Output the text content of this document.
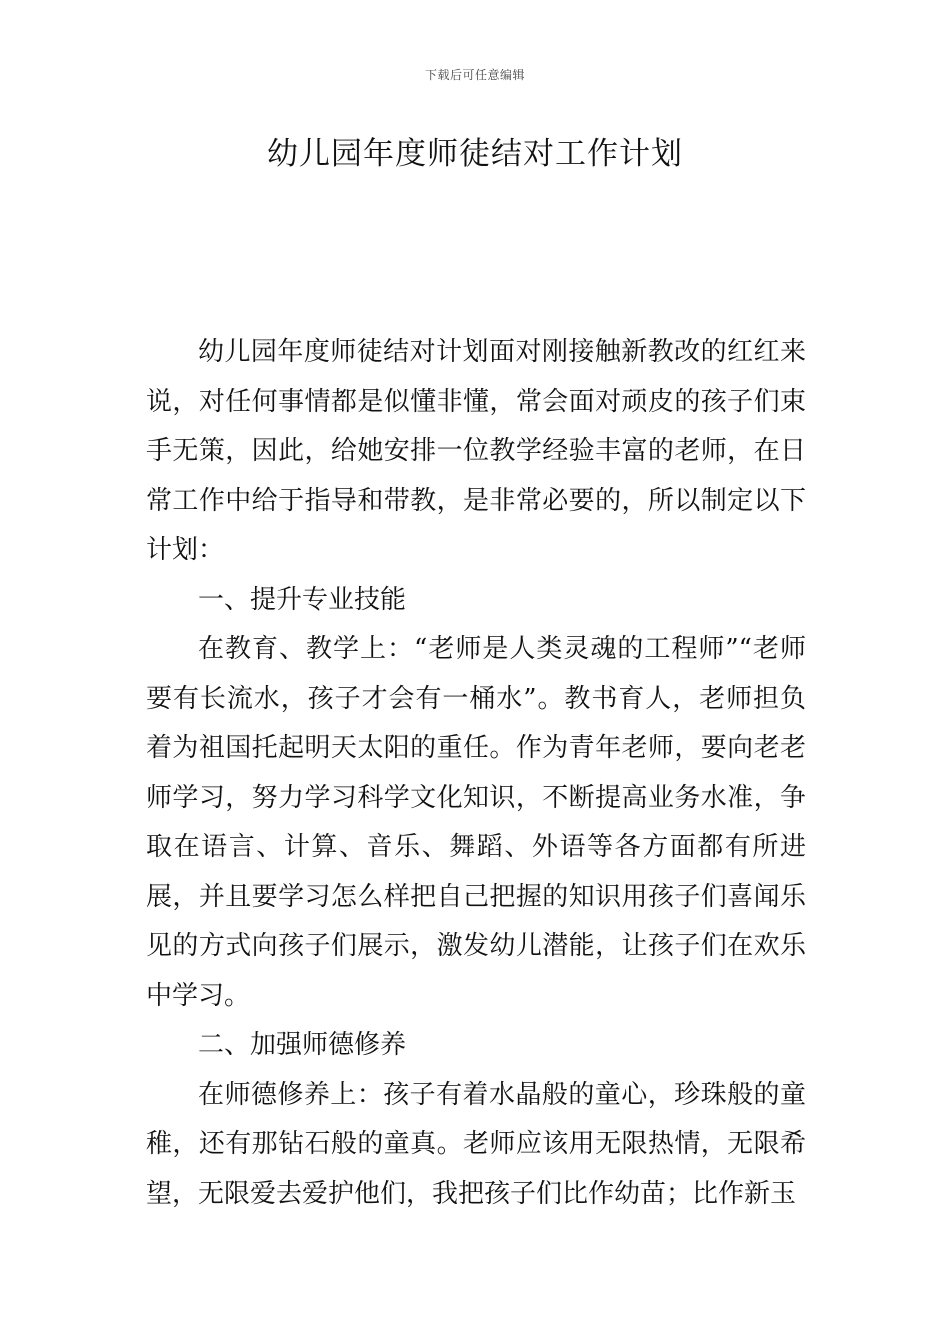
下载后可任意编辑
幼儿园年度师徒结对工作计划

幼儿园年度师徒结对计划面对刚接触新教改的红红来说，对任何事情都是似懂非懂，常会面对顽皮的孩子们束手无策，因此，给她安排一位教学经验丰富的老师，在日常工作中给于指导和带教，是非常必要的，所以制定以下计划：

一、提升专业技能

在教育、教学上：“老师是人类灵魂的工程师”“老师要有长流水，孩子才会有一桶水”。教书育人，老师担负着为祖国托起明天太阳的重任。作为青年老师，要向老老师学习，努力学习科学文化知识，不断提高业务水准，争取在语言、计算、音乐、舞蹈、外语等各方面都有所进展，并且要学习怎么样把自己把握的知识用孩子们喜闻乐见的方式向孩子们展示，激发幼儿潜能，让孩子们在欢乐中学习。

二、加强师德修养

在师德修养上：孩子有着水晶般的童心，珍珠般的童稚，还有那钻石般的童真。老师应该用无限热情，无限希望，无限爱去爱护他们，我把孩子们比作幼苗；比作新玉
